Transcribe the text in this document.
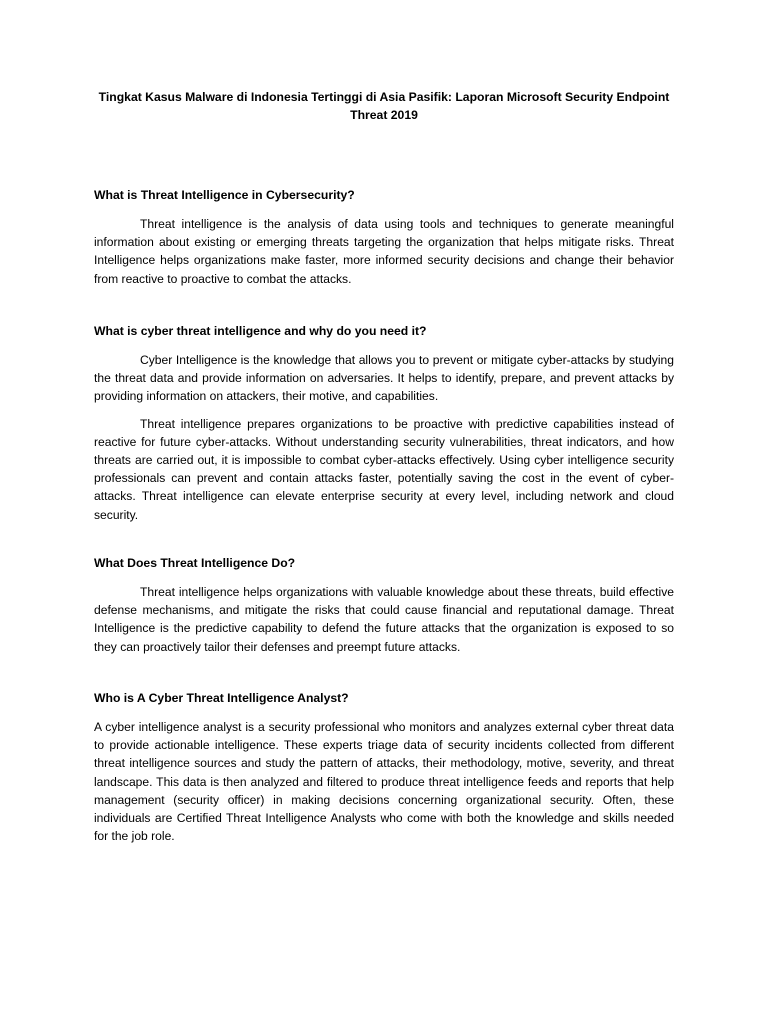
Tingkat Kasus Malware di Indonesia Tertinggi di Asia Pasifik: Laporan Microsoft Security Endpoint Threat 2019
What is Threat Intelligence in Cybersecurity?

Threat intelligence is the analysis of data using tools and techniques to generate meaningful information about existing or emerging threats targeting the organization that helps mitigate risks. Threat Intelligence helps organizations make faster, more informed security decisions and change their behavior from reactive to proactive to combat the attacks.

What is cyber threat intelligence and why do you need it?

Cyber Intelligence is the knowledge that allows you to prevent or mitigate cyber-attacks by studying the threat data and provide information on adversaries. It helps to identify, prepare, and prevent attacks by providing information on attackers, their motive, and capabilities.

Threat intelligence prepares organizations to be proactive with predictive capabilities instead of reactive for future cyber-attacks. Without understanding security vulnerabilities, threat indicators, and how threats are carried out, it is impossible to combat cyber-attacks effectively. Using cyber intelligence security professionals can prevent and contain attacks faster, potentially saving the cost in the event of cyber-attacks. Threat intelligence can elevate enterprise security at every level, including network and cloud security.

What Does Threat Intelligence Do?

Threat intelligence helps organizations with valuable knowledge about these threats, build effective defense mechanisms, and mitigate the risks that could cause financial and reputational damage. Threat Intelligence is the predictive capability to defend the future attacks that the organization is exposed to so they can proactively tailor their defenses and preempt future attacks.

Who is A Cyber Threat Intelligence Analyst?

A cyber intelligence analyst is a security professional who monitors and analyzes external cyber threat data to provide actionable intelligence. These experts triage data of security incidents collected from different threat intelligence sources and study the pattern of attacks, their methodology, motive, severity, and threat landscape. This data is then analyzed and filtered to produce threat intelligence feeds and reports that help management (security officer) in making decisions concerning organizational security. Often, these individuals are Certified Threat Intelligence Analysts who come with both the knowledge and skills needed for the job role.
